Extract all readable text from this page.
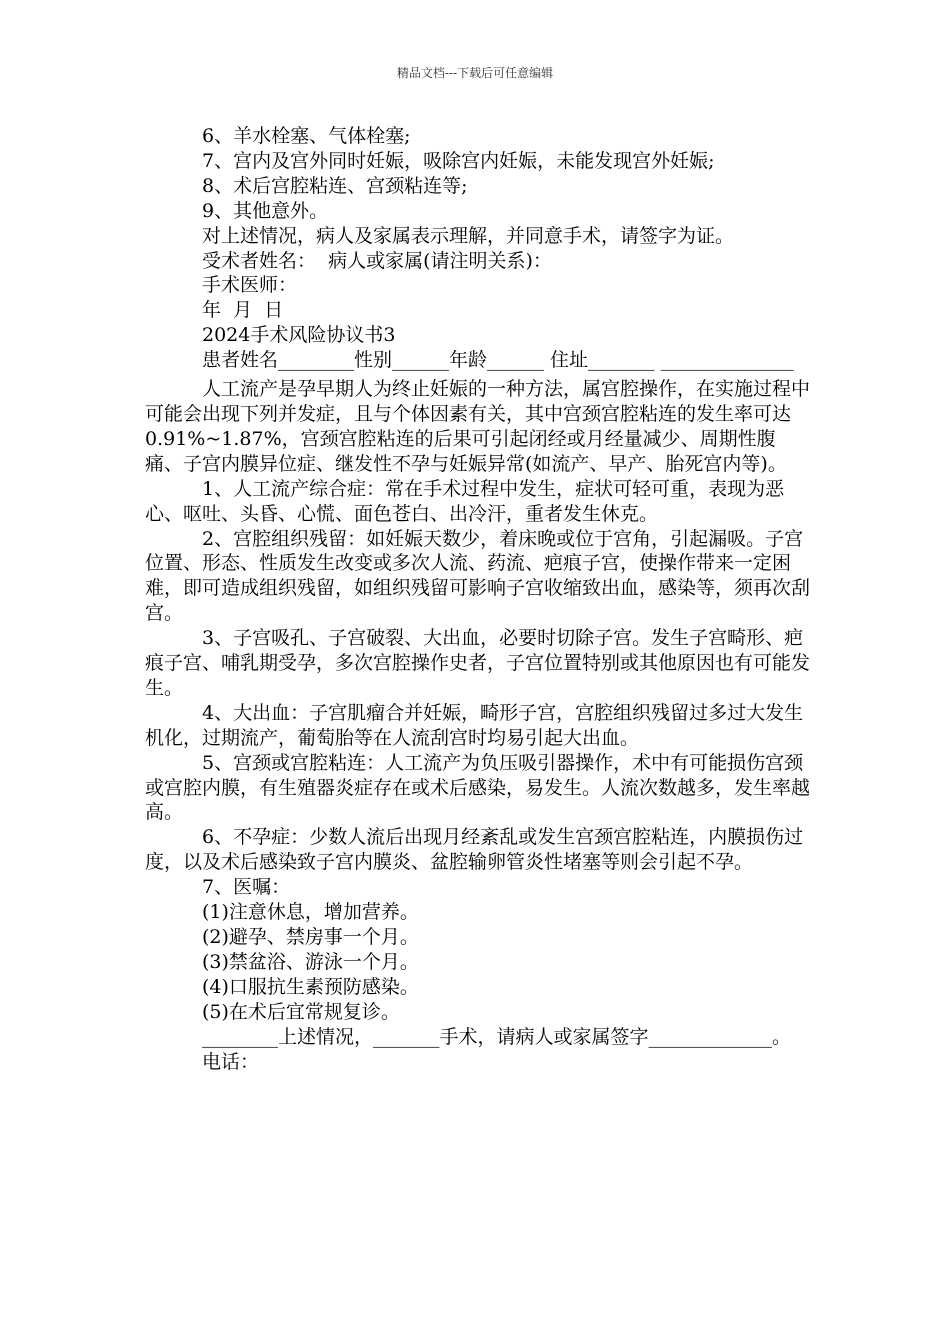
精品文档---下载后可任意编辑

6、羊水栓塞、气体栓塞;

7、宫内及宫外同时妊娠，吸除宫内妊娠，未能发现宫外妊娠;

8、术后宫腔粘连、宫颈粘连等;

9、其他意外。

对上述情况，病人及家属表示理解，并同意手术，请签字为证。

受术者姓名：  病人或家属(请注明关系)：

手术医师：

年  月  日

2024手术风险协议书3

患者姓名________性别______年龄______ 住址_______ ______________

人工流产是孕早期人为终止妊娠的一种方法，属宫腔操作，在实施过程中可能会出现下列并发症，且与个体因素有关，其中宫颈宫腔粘连的发生率可达0.91%~1.87%，宫颈宫腔粘连的后果可引起闭经或月经量减少、周期性腹痛、子宫内膜异位症、继发性不孕与妊娠异常(如流产、早产、胎死宫内等)。

1、人工流产综合症：常在手术过程中发生，症状可轻可重，表现为恶心、呕吐、头昏、心慌、面色苍白、出冷汗，重者发生休克。

2、宫腔组织残留：如妊娠天数少，着床晚或位于宫角，引起漏吸。子宫位置、形态、性质发生改变或多次人流、药流、疤痕子宫，使操作带来一定困难，即可造成组织残留，如组织残留可影响子宫收缩致出血，感染等，须再次刮宫。

3、子宫吸孔、子宫破裂、大出血，必要时切除子宫。发生子宫畸形、疤痕子宫、哺乳期受孕，多次宫腔操作史者，子宫位置特别或其他原因也有可能发生。

4、大出血：子宫肌瘤合并妊娠，畸形子宫，宫腔组织残留过多过大发生机化，过期流产，葡萄胎等在人流刮宫时均易引起大出血。

5、宫颈或宫腔粘连：人工流产为负压吸引器操作，术中有可能损伤宫颈或宫腔内膜，有生殖器炎症存在或术后感染，易发生。人流次数越多，发生率越高。

6、不孕症：少数人流后出现月经紊乱或发生宫颈宫腔粘连，内膜损伤过度，以及术后感染致子宫内膜炎、盆腔输卵管炎性堵塞等则会引起不孕。

7、医嘱：

(1)注意休息，增加营养。

(2)避孕、禁房事一个月。

(3)禁盆浴、游泳一个月。

(4)口服抗生素预防感染。

(5)在术后宜常规复诊。

________上述情况，_______手术，请病人或家属签字_____________。

电话：
